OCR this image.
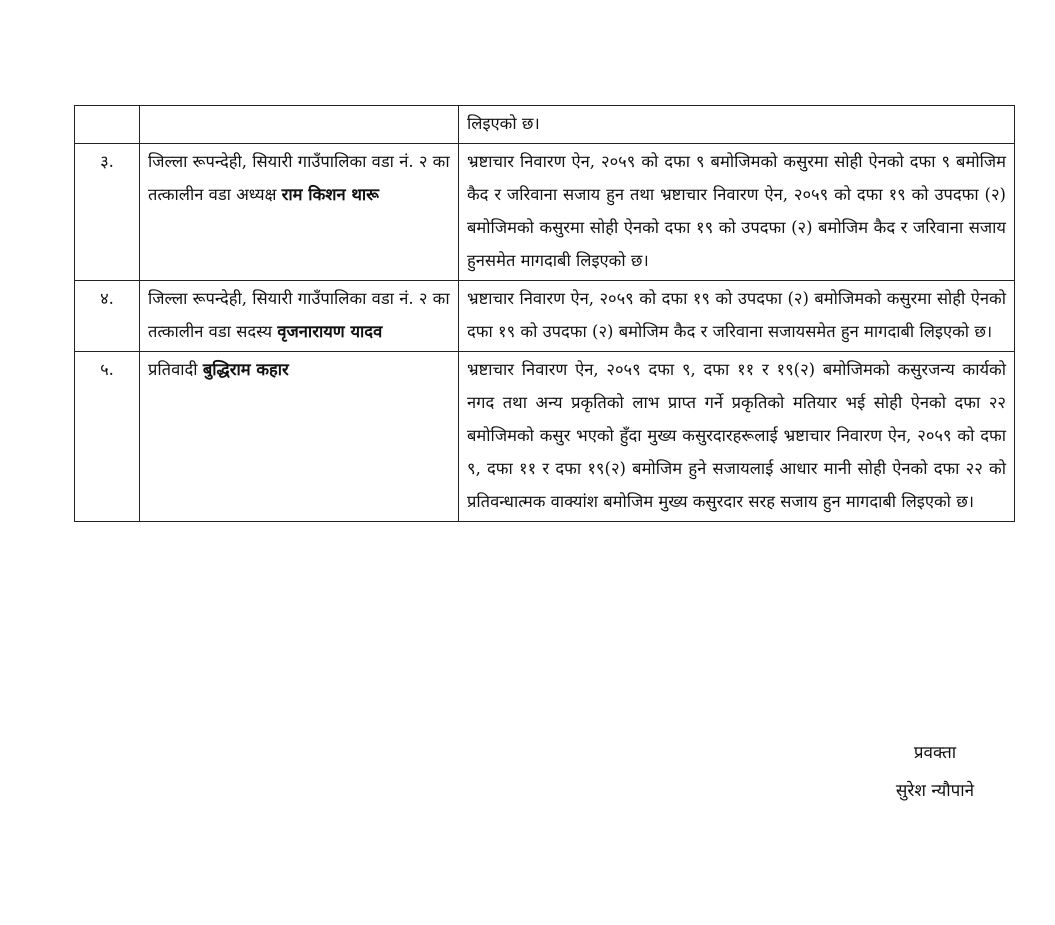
		लिइएको छ।
३.	जिल्ला रूपन्देही, सियारी गाउँपालिका वडा नं. २ का तत्कालीन वडा अध्यक्ष राम किशन थारू	भ्रष्टाचार निवारण ऐन, २०५९ को दफा ९ बमोजिमको कसुरमा सोही ऐनको दफा ९ बमोजिम कैद र जरिवाना सजाय हुन तथा भ्रष्टाचार निवारण ऐन, २०५९ को दफा १९ को उपदफा (२) बमोजिमको कसुरमा सोही ऐनको दफा १९ को उपदफा (२) बमोजिम कैद र जरिवाना सजाय हुनसमेत मागदाबी लिइएको छ।
४.	जिल्ला रूपन्देही, सियारी गाउँपालिका वडा नं. २ का तत्कालीन वडा सदस्य वृजनारायण यादव	भ्रष्टाचार निवारण ऐन, २०५९ को दफा १९ को उपदफा (२) बमोजिमको कसुरमा सोही ऐनको दफा १९ को उपदफा (२) बमोजिम कैद र जरिवाना सजायसमेत हुन मागदाबी लिइएको छ।
५.	प्रतिवादी बुद्धिराम कहार	भ्रष्टाचार निवारण ऐन, २०५९ दफा ९, दफा ११ र १९(२) बमोजिमको कसुरजन्य कार्यको नगद तथा अन्य प्रकृतिको लाभ प्राप्त गर्ने प्रकृतिको मतियार भई सोही ऐनको दफा २२ बमोजिमको कसुर भएको हुँदा मुख्य कसुरदारहरूलाई भ्रष्टाचार निवारण ऐन, २०५९ को दफा ९, दफा ११ र दफा १९(२) बमोजिम हुने सजायलाई आधार मानी सोही ऐनको दफा २२ को प्रतिवन्धात्मक वाक्यांश बमोजिम मुख्य कसुरदार सरह सजाय हुन मागदाबी लिइएको छ।
प्रवक्ता
सुरेश न्यौपाने
